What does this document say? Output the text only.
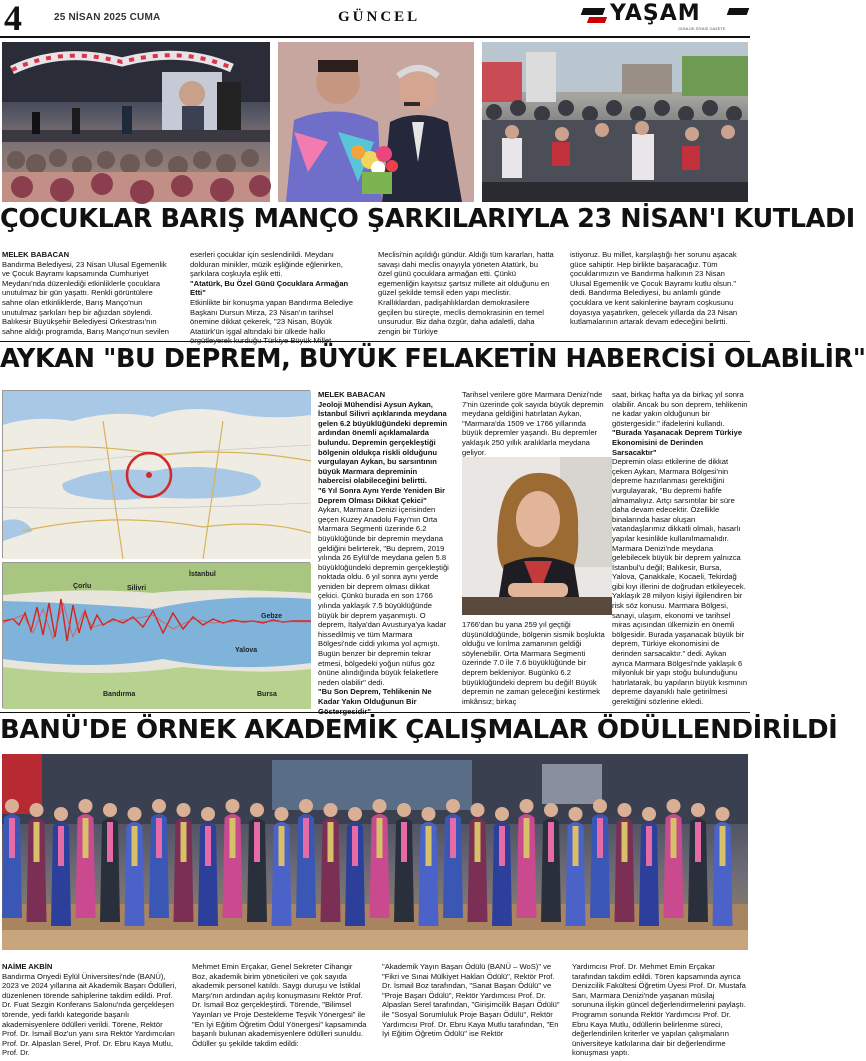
4	25 NİSAN 2025 CUMA	GÜNCEL	YAŞAM
GÜNLÜK SİYASİ GAZETE
ÇOCUKLAR BARIŞ MANÇO ŞARKILARIYLA 23 NİSAN'I KUTLADI

MELEK BABACAN

Bandırma Belediyesi, 23 Nisan Ulusal Egemenlik ve Çocuk Bayramı kapsamında Cumhuriyet Meydanı'nda düzenlediği etkinliklerle çocuklara unutulmaz bir gün yaşattı. Renkli görüntülere sahne olan etkinliklerde, Barış Manço'nun unutulmaz şarkıları hep bir ağızdan söylendi. Balıkesir Büyükşehir Belediyesi Orkestrası'nın sahne aldığı programda, Barış Manço'nun sevilen

eserleri çocuklar için seslendirildi. Meydanı dolduran minikler, müzik eşliğinde eğlenirken, şarkılara coşkuyla eşlik etti.

"Atatürk, Bu Özel Günü Çocuklara Armağan Etti"

Etkinlikte bir konuşma yapan Bandırma Belediye Başkanı Dursun Mirza, 23 Nisan'ın tarihsel önemine dikkat çekerek, "23 Nisan, Büyük Atatürk'ün işgal altındaki bir ülkede halkı

Meclisi'nin açıldığı gündür. Aldığı tüm kararları, hatta savaşı dahi meclis onayıyla yöneten Atatürk, bu özel günü çocuklara armağan etti. Çünkü egemenliğin kayıtsız şartsız millete ait olduğunu en güzel şekilde temsil eden yapı meclistir. Krallıklardan, padişahlıklardan demokrasilere geçilen bu süreçte, meclis demokrasinin en temel unsurudur. Biz daha özgür, daha adaletli, daha zengin bir Türkiye

istiyoruz. Bu millet, karşılaştığı her sorunu aşacak güce sahiptir. Hep birlikte başaracağız. Tüm çocuklarımızın ve Bandırma halkının 23 Nisan Ulusal Egemenlik ve Çocuk Bayramı kutlu olsun." dedi. Bandırma Belediyesi, bu anlamlı günde çocuklara ve kent sakinlerine bayram coşkusunu doyasıya yaşatırken, gelecek yıllarda da 23 Nisan kutlamalarının artarak devam edeceğini belirtti.

AYKAN "BU DEPREM, BÜYÜK FELAKETİN HABERCİSİ OLABİLİR"
Çorlu	Silivri
İstanbul
Gebze
Yalova
Bandırma	Bursa

MELEK BABACAN

Jeoloji Mühendisi Aysun Aykan, İstanbul Silivri açıklarında meydana gelen 6.2 büyüklüğündeki depremin ardından önemli açıklamalarda bulundu. Depremin gerçekleştiği bölgenin oldukça riskli olduğunu vurgulayan Aykan, bu sarsıntının büyük Marmara depreminin habercisi olabileceğini belirtti.

"6 Yıl Sonra Aynı Yerde Yeniden Bir Deprem Olması Dikkat Çekici"

Aykan, Marmara Denizi içerisinden geçen Kuzey Anadolu Fayı'nın Orta Marmara Segmenti üzerinde 6.2 büyüklüğünde bir depremin meydana geldiğini belirterek, "Bu deprem, 2019 yılında 26 Eylül'de meydana gelen 5.8 büyüklüğündeki depremin gerçekleştiği noktada oldu. 6 yıl sonra aynı yerde yeniden bir deprem olması dikkat çekici. Çünkü burada en son 1766 yılında yaklaşık 7.5 büyüklüğünde büyük bir deprem yaşanmıştı. O deprem, İtalya'dan Avusturya'ya kadar hissedilmiş ve tüm Marmara Bölgesi'nde ciddi yıkıma yol açmıştı. Bugün benzer bir depremin tekrar etmesi, bölgedeki yoğun nüfus göz önüne alındığında büyük felaketlere neden olabilir" dedi.

"Bu Son Deprem, Tehlikenin Ne Kadar Yakın Olduğunun Bir

Tarihsel verilere göre Marmara Denizi'nde 7'nin üzerinde çok sayıda büyük depremin meydana geldiğini hatırlatan Aykan, "Marmara'da 1509 ve 1766 yıllarında büyük depremler yaşandı. Bu depremler yaklaşık 250 yıllık aralıklarla meydana geliyor.

1766'dan bu yana 259 yıl geçtiği düşünüldüğünde, bölgenin sismik boşlukta olduğu ve kırılma zamanının geldiği söylenebilir. Orta Marmara Segmenti üzerinde 7.0 ile 7.6 büyüklüğünde bir deprem bekleniyor. Bugünkü 6.2 büyüklüğündeki deprem bu değil! Büyük depremin ne zaman geleceğini kestirmek imkânsız; birkaç

saat, birkaç hafta ya da birkaç yıl sonra olabilir. Ancak bu son deprem, tehlikenin ne kadar yakın olduğunun bir göstergesidir." ifadelerini kullandı.

"Burada Yaşanacak Deprem Türkiye Ekonomisini de Derinden Sarsacaktır"

Depremin olası etkilerine de dikkat çeken Aykan, Marmara Bölgesi'nin depreme hazırlanması gerektiğini vurgulayarak, "Bu depremi hafife almamalıyız. Artçı sarsıntılar bir süre daha devam edecektir. Özellikle binalarında hasar oluşan vatandaşlarımız dikkatli olmalı, hasarlı yapılar kesinlikle kullanılmamalıdır. Marmara Denizi'nde meydana gelebilecek büyük bir deprem yalnızca İstanbul'u değil; Balıkesir, Bursa, Yalova, Çanakkale, Kocaeli, Tekirdağ gibi kıyı illerini de doğrudan etkileyecek. Yaklaşık 28 milyon kişiyi ilgilendiren bir risk söz konusu. Marmara Bölgesi, sanayi, ulaşım, ekonomi ve tarihsel miras açısından ülkemizin en önemli bölgesidir. Burada yaşanacak büyük bir deprem, Türkiye ekonomisini de derinden sarsacaktır." dedi. Aykan ayrıca Marmara Bölgesi'nde yaklaşık 6 milyonluk bir yapı stoğu bulunduğunu hatırlatarak, bu yapıların büyük kısmının depreme dayanıklı hale getirilmesi gerektiğini sözlerine ekledi.

BANÜ'DE ÖRNEK AKADEMİK ÇALIŞMALAR ÖDÜLLENDİRİLDİ

NAİME AKBİN

Bandırma Onyedi Eylül Üniversitesi'nde (BANÜ), 2023 ve 2024 yıllarına ait Akademik Başarı Ödülleri, düzenlenen törende sahiplerine takdim edildi. Prof. Dr. Fuat Sezgin Konferans Salonu'nda gerçekleşen törende, yedi farklı kategoride başarılı akademisyenlere ödülleri verildi. Törene, Rektör Prof. Dr. İsmail Boz'un yanı sıra Rektör Yardımcıları Prof. Dr. Alpaslan Serel, Prof. Dr. Ebru Kaya Mutlu, Prof. Dr.

Mehmet Emin Erçakar, Genel Sekreter Cihangir Boz, akademik birim yöneticileri ve çok sayıda akademik personel katıldı. Saygı duruşu ve İstiklal Marşı'nın ardından açılış konuşmasını Rektör Prof. Dr. İsmail Boz gerçekleştirdi. Törende, "Bilimsel Yayınları ve Proje Destekleme Teşvik Yönergesi" ile "En İyi Eğitim Öğretim Ödül Yönergesi" kapsamında başarılı bulunan akademisyenlere ödülleri sunuldu. Ödüller şu şekilde takdim edildi:

"Akademik Yayın Başarı Ödülü (BANÜ – WoS)" ve "Fikri ve Sınai Mülkiyet Hakları Ödülü", Rektör Prof. Dr. İsmail Boz tarafından, "Sanat Başarı Ödülü" ve "Proje Başarı Ödülü", Rektör Yardımcısı Prof. Dr. Alpaslan Serel tarafından, "Girişimcilik Başarı Ödülü" ile "Sosyal Sorumluluk Proje Başarı Ödülü", Rektör Yardımcısı Prof. Dr. Ebru Kaya Mutlu tarafından, "En İyi Eğitim Öğretim Ödülü" ise Rektör

Yardımcısı Prof. Dr. Mehmet Emin Erçakar tarafından takdim edildi. Tören kapsamında ayrıca Denizcilik Fakültesi Öğretim Üyesi Prof. Dr. Mustafa Sarı, Marmara Denizi'nde yaşanan müsilaj sorununa ilişkin güncel değerlendirmelerini paylaştı. Programın sonunda Rektör Yardımcısı Prof. Dr. Ebru Kaya Mutlu, ödüllerin belirlenme süreci, değerlendirilen kriterler ve yapılan çalışmaların üniversiteye katkılarına dair bir değerlendirme konuşması yaptı.
